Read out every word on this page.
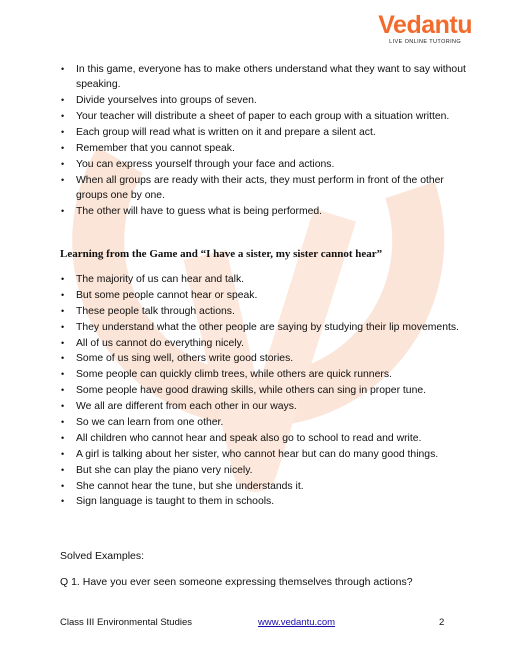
Vedantu
LIVE ONLINE TUTORING
• In this game, everyone has to make others understand what they want to say without speaking.
• Divide yourselves into groups of seven.
• Your teacher will distribute a sheet of paper to each group with a situation written.
• Each group will read what is written on it and prepare a silent act.
• Remember that you cannot speak.
• You can express yourself through your face and actions.
• When all groups are ready with their acts, they must perform in front of the other groups one by one.
• The other will have to guess what is being performed.
Learning from the Game and “I have a sister, my sister cannot hear”
• The majority of us can hear and talk.
• But some people cannot hear or speak.
• These people talk through actions.
• They understand what the other people are saying by studying their lip movements.
• All of us cannot do everything nicely.
• Some of us sing well, others write good stories.
• Some people can quickly climb trees, while others are quick runners.
• Some people have good drawing skills, while others can sing in proper tune.
• We all are different from each other in our ways.
• So we can learn from one other.
• All children who cannot hear and speak also go to school to read and write.
• A girl is talking about her sister, who cannot hear but can do many good things.
• But she can play the piano very nicely.
• She cannot hear the tune, but she understands it.
• Sign language is taught to them in schools.
Solved Examples:
Q 1. Have you ever seen someone expressing themselves through actions?
Class III Environmental Studies	www.vedantu.com	2
